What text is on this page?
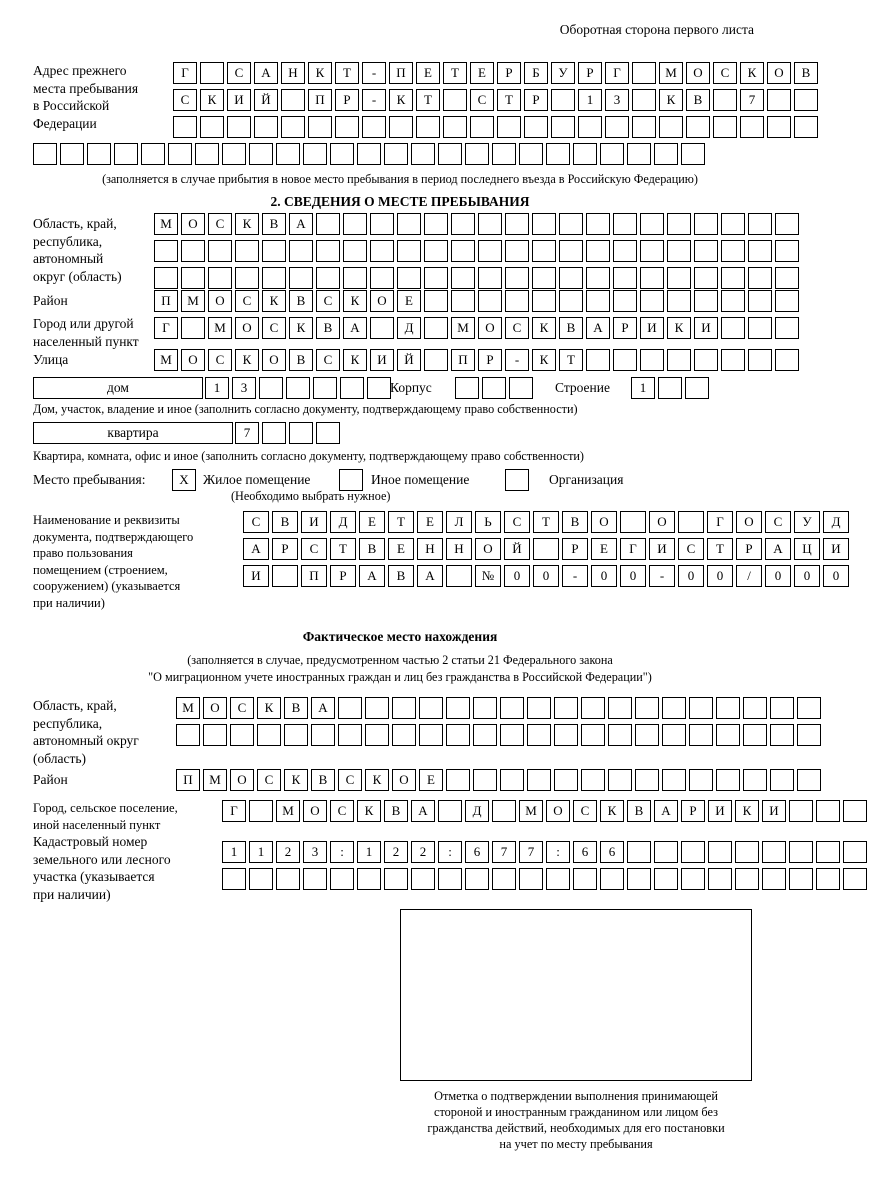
Оборотная сторона первого листа
Адрес прежнего
места пребывания
в Российской
Федерации
Г	С	А	Н	К	Т	-	П	Е	Т	Е	Р	Б	У	Р	Г	М	О	С	К	О	В
С	К	И	Й	П	Р	-	К	Т	С	Т	Р	1	3	К	В	7
(заполняется в случае прибытия в новое место пребывания в период последнего въезда в Российскую Федерацию)
2. СВЕДЕНИЯ О МЕСТЕ ПРЕБЫВАНИЯ
Область, край,
республика,
автономный
округ (область)
М	О	С	К	В	А
Район	П	М	О	С	К	В	С	К	О	Е
Город или другой
населенный пункт
Г	М	О	С	К	В	А	Д	М	О	С	К	В	А	Р	И	К	И
Улица	М	О	С	К	О	В	С	К	И	Й	П	Р	-	К	Т
дом	1	3	Корпус	Строение	1
Дом, участок, владение и иное (заполнить согласно документу, подтверждающему право собственности)
квартира	7
Квартира, комната, офис и иное (заполнить согласно документу, подтверждающему право собственности)
Место пребывания:	Х	Жилое помещение	Иное помещение	Организация
(Необходимо выбрать нужное)
Наименование и реквизиты
документа, подтверждающего
право пользования
помещением (строением,
сооружением) (указывается
при наличии)
С	В	И	Д	Е	Т	Е	Л	Ь	С	Т	В	О	О	Г	О	С	У	Д
А	Р	С	Т	В	Е	Н	Н	О	Й	Р	Е	Г	И	С	Т	Р	А	Ц	И
И	П	Р	А	В	А	№	0	0	-	0	0	-	0	0	/	0	0	0
Фактическое место нахождения
(заполняется в случае, предусмотренном частью 2 статьи 21 Федерального закона
"О миграционном учете иностранных граждан и лиц без гражданства в Российской Федерации")
Область, край,
республика,
автономный округ
(область)
М	О	С	К	В	А
Район	П	М	О	С	К	В	С	К	О	Е
Город, сельское поселение,
иной населенный пункт
Г	М	О	С	К	В	А	Д	М	О	С	К	В	А	Р	И	К	И
Кадастровый номер
земельного или лесного
участка (указывается
при наличии)
1	1	2	3	:	1	2	2	:	6	7	7	:	6	6
Отметка о подтверждении выполнения принимающей
стороной и иностранным гражданином или лицом без
гражданства действий, необходимых для его постановки
на учет по месту пребывания
